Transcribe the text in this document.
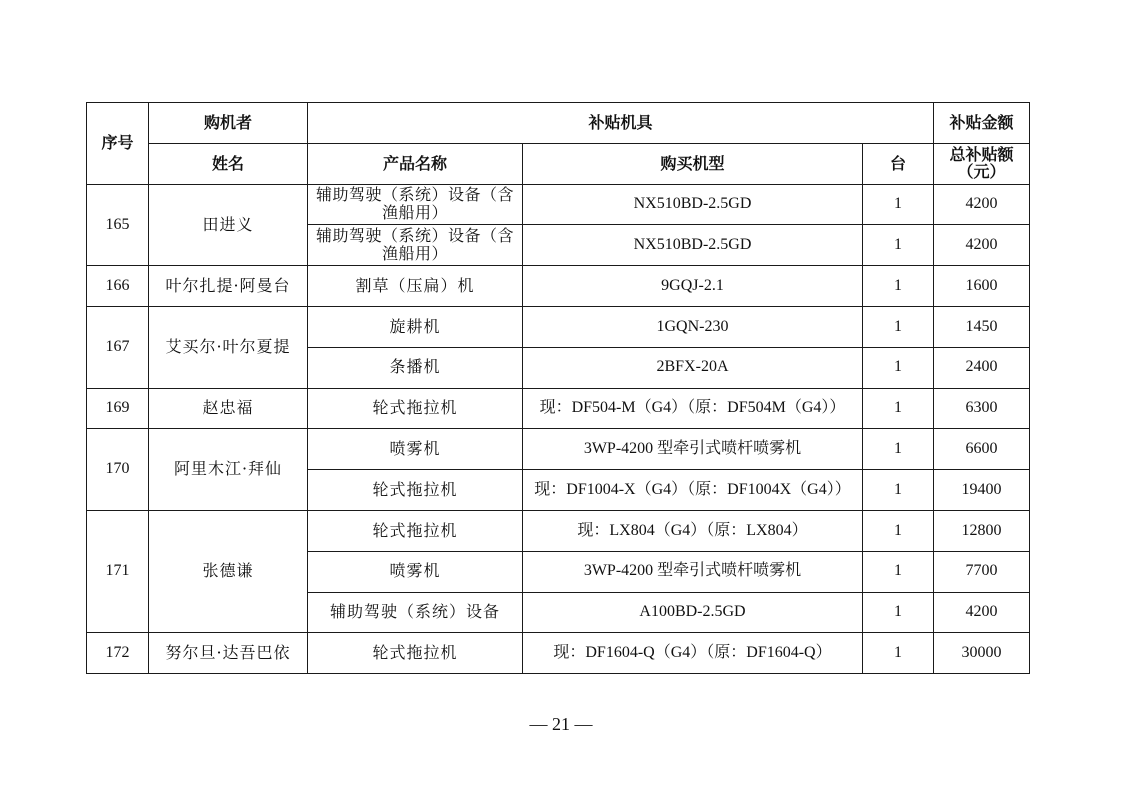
序号	购机者	补贴机具			补贴金额
	姓名	产品名称	购买机型	台	总补贴额（元）
165	田进义	辅助驾驶（系统）设备（含渔船用）	NX510BD-2.5GD	1	4200
		辅助驾驶（系统）设备（含渔船用）	NX510BD-2.5GD	1	4200
166	叶尔扎提·阿曼台	割草（压扁）机	9GQJ-2.1	1	1600
167	艾买尔·叶尔夏提	旋耕机	1GQN-230	1	1450
		条播机	2BFX-20A	1	2400
169	赵忠福	轮式拖拉机	现：DF504-M（G4）（原：DF504M（G4））	1	6300
170	阿里木江·拜仙	喷雾机	3WP-4200 型牵引式喷杆喷雾机	1	6600
		轮式拖拉机	现：DF1004-X（G4）（原：DF1004X（G4））	1	19400
171	张德谦	轮式拖拉机	现：LX804（G4）（原：LX804）	1	12800
		喷雾机	3WP-4200 型牵引式喷杆喷雾机	1	7700
		辅助驾驶（系统）设备	A100BD-2.5GD	1	4200
172	努尔旦·达吾巴依	轮式拖拉机	现：DF1604-Q（G4）（原：DF1604-Q）	1	30000
— 21 —
